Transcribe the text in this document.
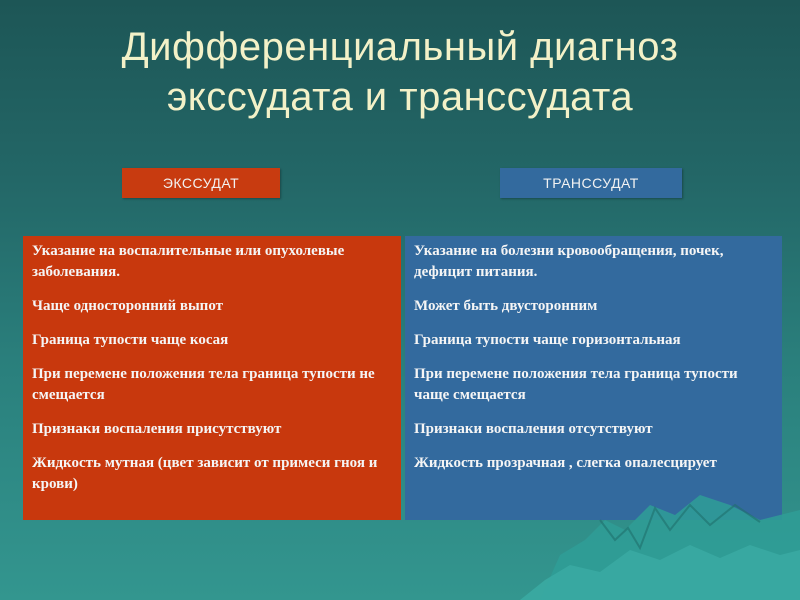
Дифференциальный диагноз
экссудата и транссудата
ЭКССУДАТ	ТРАНССУДАТ

Указание на воспалительные или опухолевые заболевания.

Чаще односторонний выпот

Граница тупости чаще косая

При перемене положения тела граница тупости не смещается

Признаки воспаления присутствуют

Жидкость мутная (цвет зависит от примеси гноя и крови)

Указание на болезни кровообращения, почек, дефицит питания.

Может быть двусторонним

Граница тупости чаще горизонтальная

При перемене положения тела граница тупости чаще смещается

Признаки воспаления отсутствуют

Жидкость прозрачная , слегка опалесцирует
